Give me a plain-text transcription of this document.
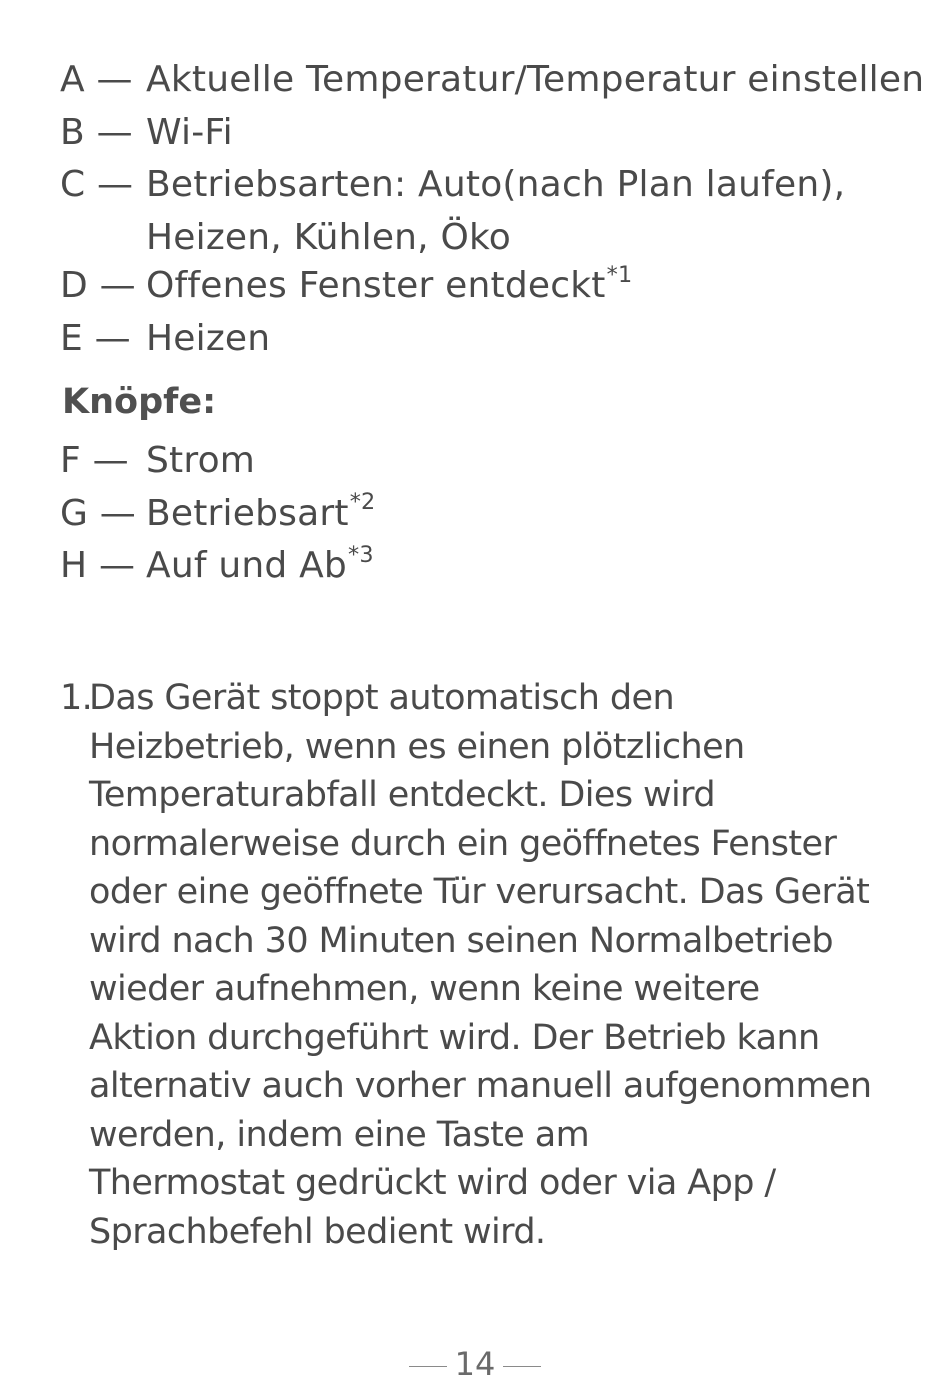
A — Aktuelle Temperatur/Temperatur einstellen
B — Wi-Fi
C — Betriebsarten: Auto(nach Plan laufen),
Heizen, Kühlen, Öko
D — Offenes Fenster entdeckt$^{*1}$
E — Heizen
Knöpfe:
F — Strom
G — Betriebsart$^{*2}$
H — Auf und Ab$^{*3}$
1.
Das Gerät stoppt automatisch den
Heizbetrieb, wenn es einen plötzlichen
Temperaturabfall entdeckt. Dies wird
normalerweise durch ein geöffnetes Fenster
oder eine geöffnete Tür verursacht. Das Gerät
wird nach 30 Minuten seinen Normalbetrieb
wieder aufnehmen, wenn keine weitere
Aktion durchgeführt wird. Der Betrieb kann
alternativ auch vorher manuell aufgenommen
werden, indem eine Taste am
Thermostat gedrückt wird oder via App /
Sprachbefehl bedient wird.
14
